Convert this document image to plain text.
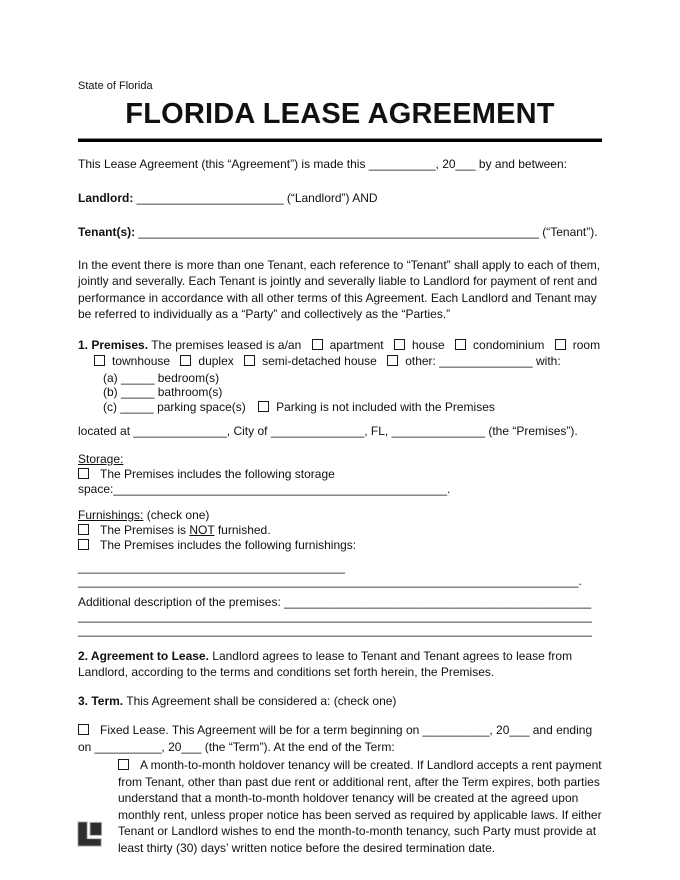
State of Florida

FLORIDA LEASE AGREEMENT

This Lease Agreement (this “Agreement”) is made this __________, 20___ by and between:

Landlord: ______________________ (“Landlord”) AND

Tenant(s): ____________________________________________________________ (“Tenant”).

In the event there is more than one Tenant, each reference to “Tenant” shall apply to each of them, jointly and severally. Each Tenant is jointly and severally liable to Landlord for payment of rent and performance in accordance with all other terms of this Agreement. Each Landlord and Tenant may be referred to individually as a “Party” and collectively as the “Parties.”

1. Premises. The premises leased is a/an apartment house condominium room

townhouse duplex semi-detached house other: ______________ with:

(a) _____ bedroom(s)
(b) _____ bathroom(s)
(c) _____ parking space(s)	Parking is not included with the Premises

located at ______________, City of ______________, FL, ______________ (the “Premises”).

Storage:

The Premises includes the following storage space:__________________________________________________.

Furnishings: (check one)

The Premises is NOT furnished.

The Premises includes the following furnishings:

________________________________________

___________________________________________________________________________.

Additional description of the premises: ______________________________________________

_____________________________________________________________________________

_____________________________________________________________________________

2. Agreement to Lease. Landlord agrees to lease to Tenant and Tenant agrees to lease from Landlord, according to the terms and conditions set forth herein, the Premises.

3. Term. This Agreement shall be considered a: (check one)

Fixed Lease. This Agreement will be for a term beginning on __________, 20___ and ending on __________, 20___ (the “Term”). At the end of the Term:

A month-to-month holdover tenancy will be created. If Landlord accepts a rent payment from Tenant, other than past due rent or additional rent, after the Term expires, both parties understand that a month-to-month holdover tenancy will be created at the agreed upon monthly rent, unless proper notice has been served as required by applicable laws. If either Tenant or Landlord wishes to end the month-to-month tenancy, such Party must provide at least thirty (30) days’ written notice before the desired termination date.
